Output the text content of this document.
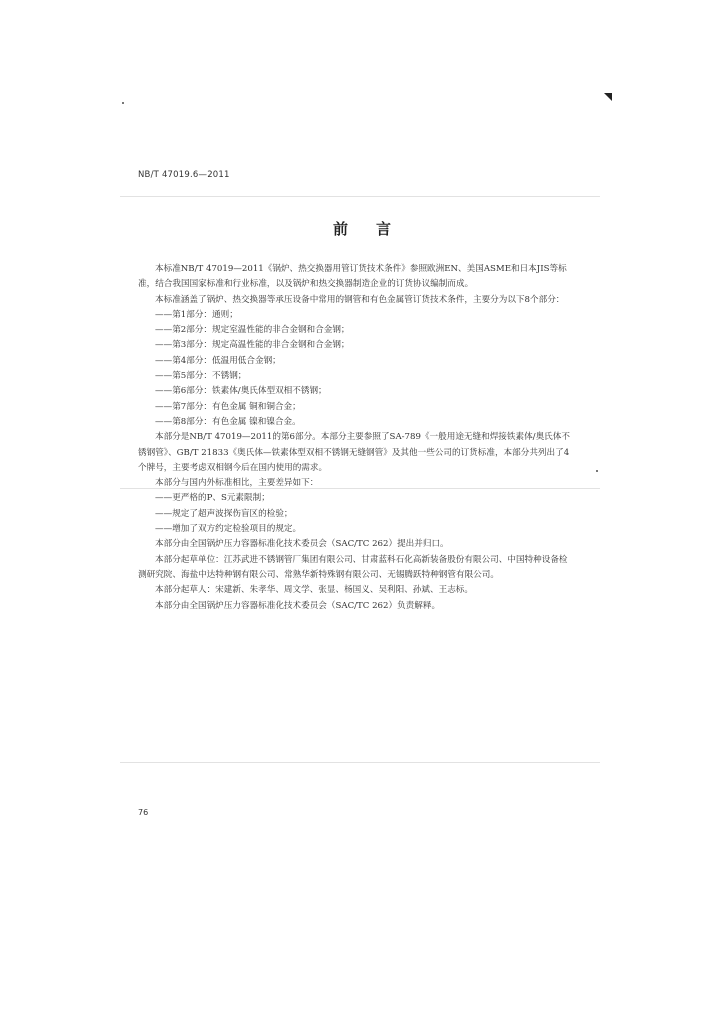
NB/T 47019.6—2011
前言

本标准NB/T 47019—2011《锅炉、热交换器用管订货技术条件》参照欧洲EN、美国ASME和日本JIS等标准，结合我国国家标准和行业标准，以及锅炉和热交换器制造企业的订货协议编制而成。

本标准涵盖了锅炉、热交换器等承压设备中常用的钢管和有色金属管订货技术条件，主要分为以下8个部分：

——第1部分：通则；

——第2部分：规定室温性能的非合金钢和合金钢；

——第3部分：规定高温性能的非合金钢和合金钢；

——第4部分：低温用低合金钢；

——第5部分：不锈钢；

——第6部分：铁素体/奥氏体型双相不锈钢；

——第7部分：有色金属 铜和铜合金；

——第8部分：有色金属 镍和镍合金。

本部分是NB/T 47019—2011的第6部分。本部分主要参照了SA-789《一般用途无缝和焊接铁素体/奥氏体不锈钢管》、GB/T 21833《奥氏体—铁素体型双相不锈钢无缝钢管》及其他一些公司的订货标准，本部分共列出了4个牌号，主要考虑双相钢今后在国内使用的需求。

本部分与国内外标准相比，主要差异如下：

——更严格的P、S元素限制；

——规定了超声波探伤盲区的检验；

——增加了双方约定检验项目的规定。

本部分由全国锅炉压力容器标准化技术委员会（SAC/TC 262）提出并归口。

本部分起草单位：江苏武进不锈钢管厂集团有限公司、甘肃蓝科石化高新装备股份有限公司、中国特种设备检测研究院、海盐中达特种钢有限公司、常熟华新特殊钢有限公司、无锡腾跃特种钢管有限公司。

本部分起草人：宋建新、朱孝华、周文学、张显、杨国义、吴利阳、孙斌、王志标。

本部分由全国锅炉压力容器标准化技术委员会（SAC/TC 262）负责解释。

76
